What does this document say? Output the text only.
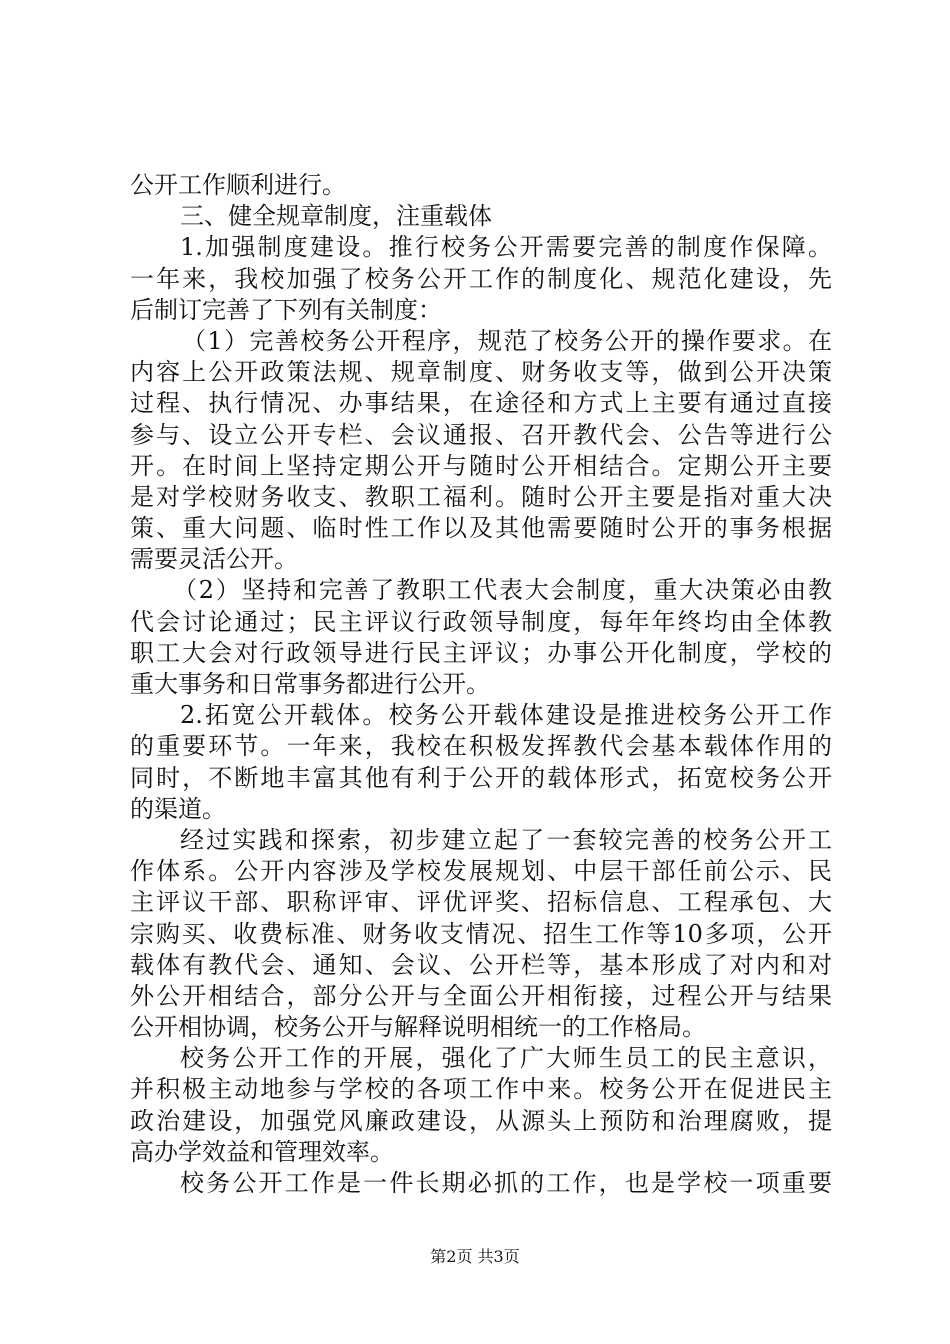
公开工作顺利进行。
三、健全规章制度，注重载体
1.加强制度建设。推行校务公开需要完善的制度作保障。
一年来，我校加强了校务公开工作的制度化、规范化建设，先
后制订完善了下列有关制度：
（1）完善校务公开程序，规范了校务公开的操作要求。在
内容上公开政策法规、规章制度、财务收支等，做到公开决策
过程、执行情况、办事结果，在途径和方式上主要有通过直接
参与、设立公开专栏、会议通报、召开教代会、公告等进行公
开。在时间上坚持定期公开与随时公开相结合。定期公开主要
是对学校财务收支、教职工福利。随时公开主要是指对重大决
策、重大问题、临时性工作以及其他需要随时公开的事务根据
需要灵活公开。
（2）坚持和完善了教职工代表大会制度，重大决策必由教
代会讨论通过；民主评议行政领导制度，每年年终均由全体教
职工大会对行政领导进行民主评议；办事公开化制度，学校的
重大事务和日常事务都进行公开。
2.拓宽公开载体。校务公开载体建设是推进校务公开工作
的重要环节。一年来，我校在积极发挥教代会基本载体作用的
同时，不断地丰富其他有利于公开的载体形式，拓宽校务公开
的渠道。
经过实践和探索，初步建立起了一套较完善的校务公开工
作体系。公开内容涉及学校发展规划、中层干部任前公示、民
主评议干部、职称评审、评优评奖、招标信息、工程承包、大
宗购买、收费标准、财务收支情况、招生工作等10多项，公开
载体有教代会、通知、会议、公开栏等，基本形成了对内和对
外公开相结合，部分公开与全面公开相衔接，过程公开与结果
公开相协调，校务公开与解释说明相统一的工作格局。
校务公开工作的开展，强化了广大师生员工的民主意识，
并积极主动地参与学校的各项工作中来。校务公开在促进民主
政治建设，加强党风廉政建设，从源头上预防和治理腐败，提
高办学效益和管理效率。
校务公开工作是一件长期必抓的工作，也是学校一项重要
第2页 共3页
